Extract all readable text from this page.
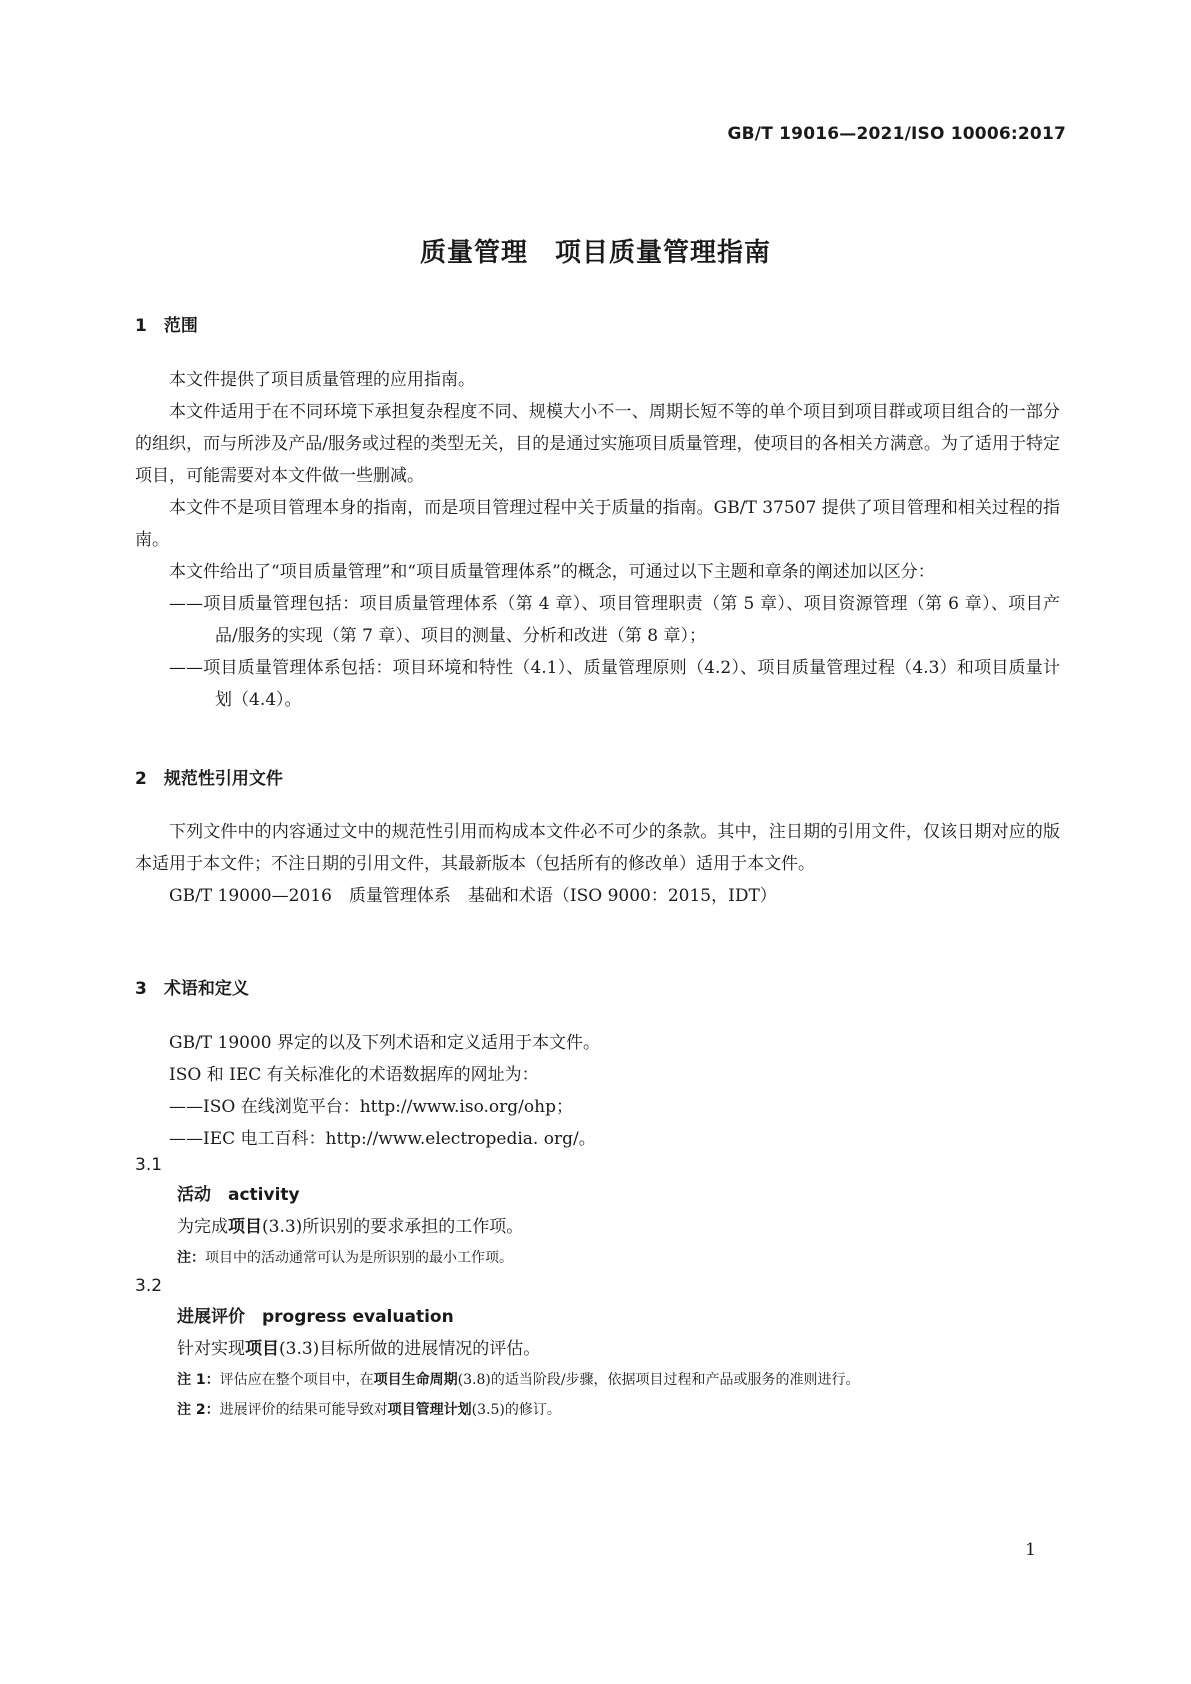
GB/T 19016—2021/ISO 10006:2017
质量管理　项目质量管理指南
1　范围

本文件提供了项目质量管理的应用指南。

本文件适用于在不同环境下承担复杂程度不同、规模大小不一、周期长短不等的单个项目到项目群或项目组合的一部分的组织，而与所涉及产品/服务或过程的类型无关，目的是通过实施项目质量管理，使项目的各相关方满意。为了适用于特定项目，可能需要对本文件做一些删减。

本文件不是项目管理本身的指南，而是项目管理过程中关于质量的指南。GB/T 37507 提供了项目管理和相关过程的指南。

本文件给出了“项目质量管理”和“项目质量管理体系”的概念，可通过以下主题和章条的阐述加以区分：

——项目质量管理包括：项目质量管理体系（第 4 章）、项目管理职责（第 5 章）、项目资源管理（第 6 章）、项目产品/服务的实现（第 7 章）、项目的测量、分析和改进（第 8 章）；

——项目质量管理体系包括：项目环境和特性（4.1）、质量管理原则（4.2）、项目质量管理过程（4.3）和项目质量计划（4.4）。

2　规范性引用文件

下列文件中的内容通过文中的规范性引用而构成本文件必不可少的条款。其中，注日期的引用文件，仅该日期对应的版本适用于本文件；不注日期的引用文件，其最新版本（包括所有的修改单）适用于本文件。

GB/T 19000—2016　质量管理体系　基础和术语（ISO 9000：2015，IDT）

3　术语和定义

GB/T 19000 界定的以及下列术语和定义适用于本文件。

ISO 和 IEC 有关标准化的术语数据库的网址为：

——ISO 在线浏览平台：http://www.iso.org/ohp；

——IEC 电工百科：http://www.electropedia. org/。

3.1
活动　activity
为完成项目(3.3)所识别的要求承担的工作项。
注：项目中的活动通常可认为是所识别的最小工作项。
3.2
进展评价　progress evaluation
针对实现项目(3.3)目标所做的进展情况的评估。
注 1：评估应在整个项目中，在项目生命周期(3.8)的适当阶段/步骤，依据项目过程和产品或服务的准则进行。
注 2：进展评价的结果可能导致对项目管理计划(3.5)的修订。
1
